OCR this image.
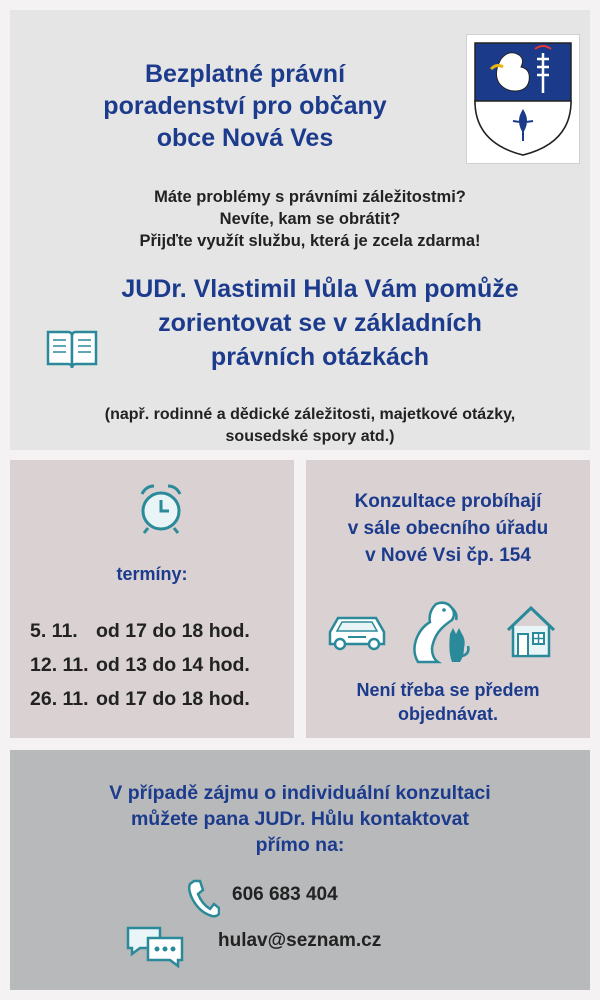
Bezplatné právní
poradenství pro občany
obce Nová Ves
Máte problémy s právními záležitostmi?
Nevíte, kam se obrátit?
Přijďte využít službu, která je zcela zdarma!
JUDr. Vlastimil Hůla Vám pomůže
zorientovat se v základních
právních otázkách
(např. rodinné a dědické záležitosti, majetkové otázky,
sousedské spory atd.)
termíny:
5. 11. od 17 do 18 hod.
12. 11. od 13 do 14 hod.
26. 11. od 17 do 18 hod.
Konzultace probíhají
v sále obecního úřadu
v Nové Vsi čp. 154
Není třeba se předem
objednávat.
V případě zájmu o individuální konzultaci
můžete pana JUDr. Hůlu kontaktovat
přímo na:
606 683 404
hulav@seznam.cz
